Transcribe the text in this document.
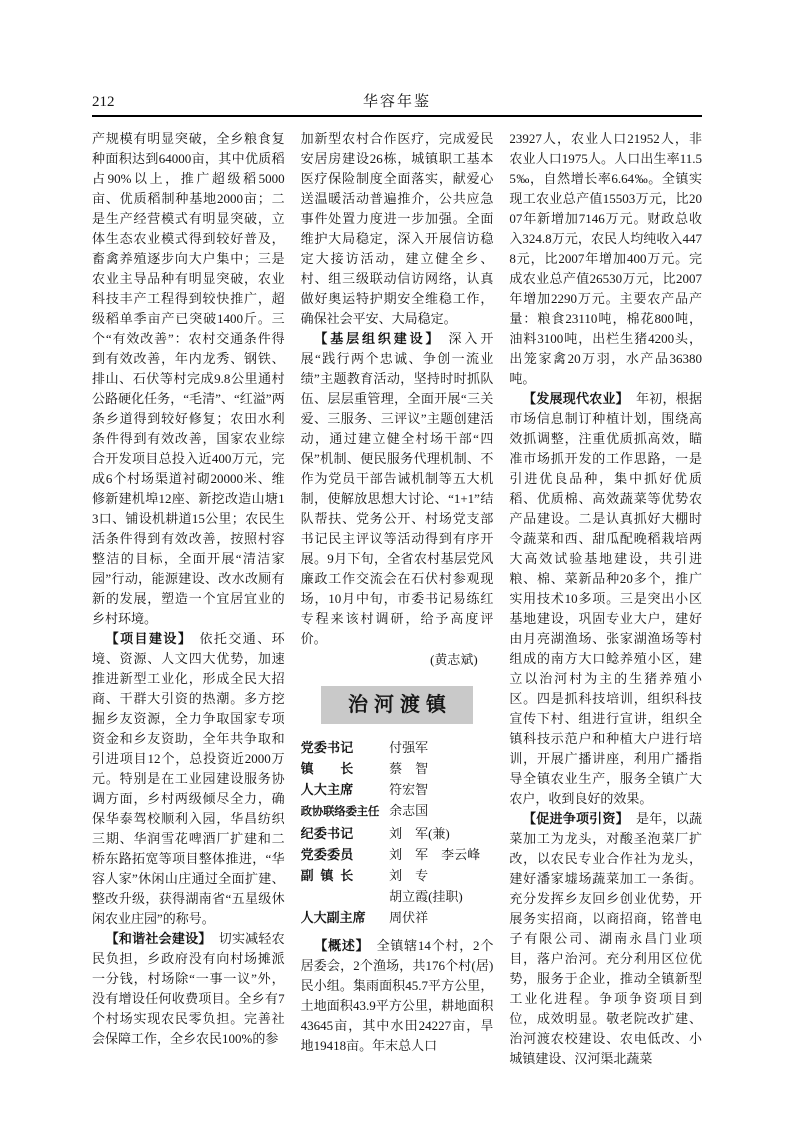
212	华容年鉴

产规模有明显突破，全乡粮食复种面积达到64000亩，其中优质稻占90%以上，推广超级稻5000亩、优质稻制种基地2000亩；二是生产经营模式有明显突破，立体生态农业模式得到较好普及，畜禽养殖逐步向大户集中；三是农业主导品种有明显突破，农业科技丰产工程得到较快推广，超级稻单季亩产已突破1400斤。三个“有效改善”：农村交通条件得到有效改善，年内龙秀、钢铁、排山、石伏等村完成9.8公里通村公路硬化任务，“毛清”、“红溢”两条乡道得到较好修复；农田水利条件得到有效改善，国家农业综合开发项目总投入近400万元，完成6个村场渠道衬砌20000米、维修新建机埠12座、新挖改造山塘13口、铺设机耕道15公里；农民生活条件得到有效改善，按照村容整洁的目标，全面开展“清洁家园”行动，能源建设、改水改厕有新的发展，塑造一个宜居宜业的乡村环境。

【项目建设】 依托交通、环境、资源、人文四大优势，加速推进新型工业化，形成全民大招商、干群大引资的热潮。多方挖掘乡友资源，全力争取国家专项资金和乡友资助，全年共争取和引进项目12个，总投资近2000万元。特别是在工业园建设服务协调方面，乡村两级倾尽全力，确保华泰驾校顺利入园，华昌纺织三期、华润雪花啤酒厂扩建和二桥东路拓宽等项目整体推进，“华容人家”休闲山庄通过全面扩建、整改升级，获得湖南省“五星级休闲农业庄园”的称号。

【和谐社会建设】 切实减轻农民负担，乡政府没有向村场摊派一分钱，村场除“一事一议”外，没有增设任何收费项目。全乡有7个村场实现农民零负担。完善社会保障工作，全乡农民100%的参

加新型农村合作医疗，完成爱民安居房建设26栋，城镇职工基本医疗保险制度全面落实，献爱心送温暖活动普遍推介，公共应急事件处置力度进一步加强。全面维护大局稳定，深入开展信访稳定大接访活动，建立健全乡、村、组三级联动信访网络，认真做好奥运特护期安全维稳工作，确保社会平安、大局稳定。

【基层组织建设】 深入开展“践行两个忠诚、争创一流业绩”主题教育活动，坚持时时抓队伍、层层重管理，全面开展“三关爱、三服务、三评议”主题创建活动，通过建立健全村场干部“四保”机制、便民服务代理机制、不作为党员干部告诫机制等五大机制，使解放思想大讨论、“1+1”结队帮扶、党务公开、村场党支部书记民主评议等活动得到有序开展。9月下旬，全省农村基层党风廉政工作交流会在石伏村参观现场，10月中旬，市委书记易练红专程来该村调研，给予高度评价。

(黄志斌)

治河渡镇
党委书记	付强军
镇长	蔡　智
人大主席	符宏智
政协联络委主任 余志国
纪委书记	刘　军(兼)
党委委员	刘　军　李云峰
副镇长	刘　专
胡立霞(挂职)
人大副主席	周伏祥

【概述】 全镇辖14个村，2个居委会，2个渔场，共176个村(居)民小组。集雨面积45.7平方公里，土地面积43.9平方公里，耕地面积43645亩，其中水田24227亩，旱地19418亩。年末总人口

23927人，农业人口21952人，非农业人口1975人。人口出生率11.55‰，自然增长率6.64‰。全镇实现工农业总产值15503万元，比2007年新增加7146万元。财政总收入324.8万元，农民人均纯收入4478元，比2007年增加400万元。完成农业总产值26530万元，比2007年增加2290万元。主要农产品产量：粮食23110吨，棉花800吨，油料3100吨，出栏生猪4200头，出笼家禽20万羽，水产品36380吨。

【发展现代农业】 年初，根据市场信息制订种植计划，围绕高效抓调整，注重优质抓高效，瞄准市场抓开发的工作思路，一是引进优良品种，集中抓好优质稻、优质棉、高效蔬菜等优势农产品建设。二是认真抓好大棚时令蔬菜和西、甜瓜配晚稻栽培两大高效试验基地建设，共引进粮、棉、菜新品种20多个，推广实用技术10多项。三是突出小区基地建设，巩固专业大户，建好由月亮湖渔场、张家湖渔场等村组成的南方大口鲶养殖小区，建立以治河村为主的生猪养殖小区。四是抓科技培训，组织科技宣传下村、组进行宣讲，组织全镇科技示范户和种植大户进行培训，开展广播讲座，利用广播指导全镇农业生产，服务全镇广大农户，收到良好的效果。

【促进争项引资】 是年，以蔬菜加工为龙头，对酸圣泡菜厂扩改，以农民专业合作社为龙头，建好潘家墟场蔬菜加工一条街。充分发挥乡友回乡创业优势，开展务实招商，以商招商，铭普电子有限公司、湖南永昌门业项目，落户治河。充分利用区位优势，服务于企业，推动全镇新型工业化进程。争项争资项目到位，成效明显。敬老院改扩建、治河渡农校建设、农电低改、小城镇建设、汉河渠北蔬菜
